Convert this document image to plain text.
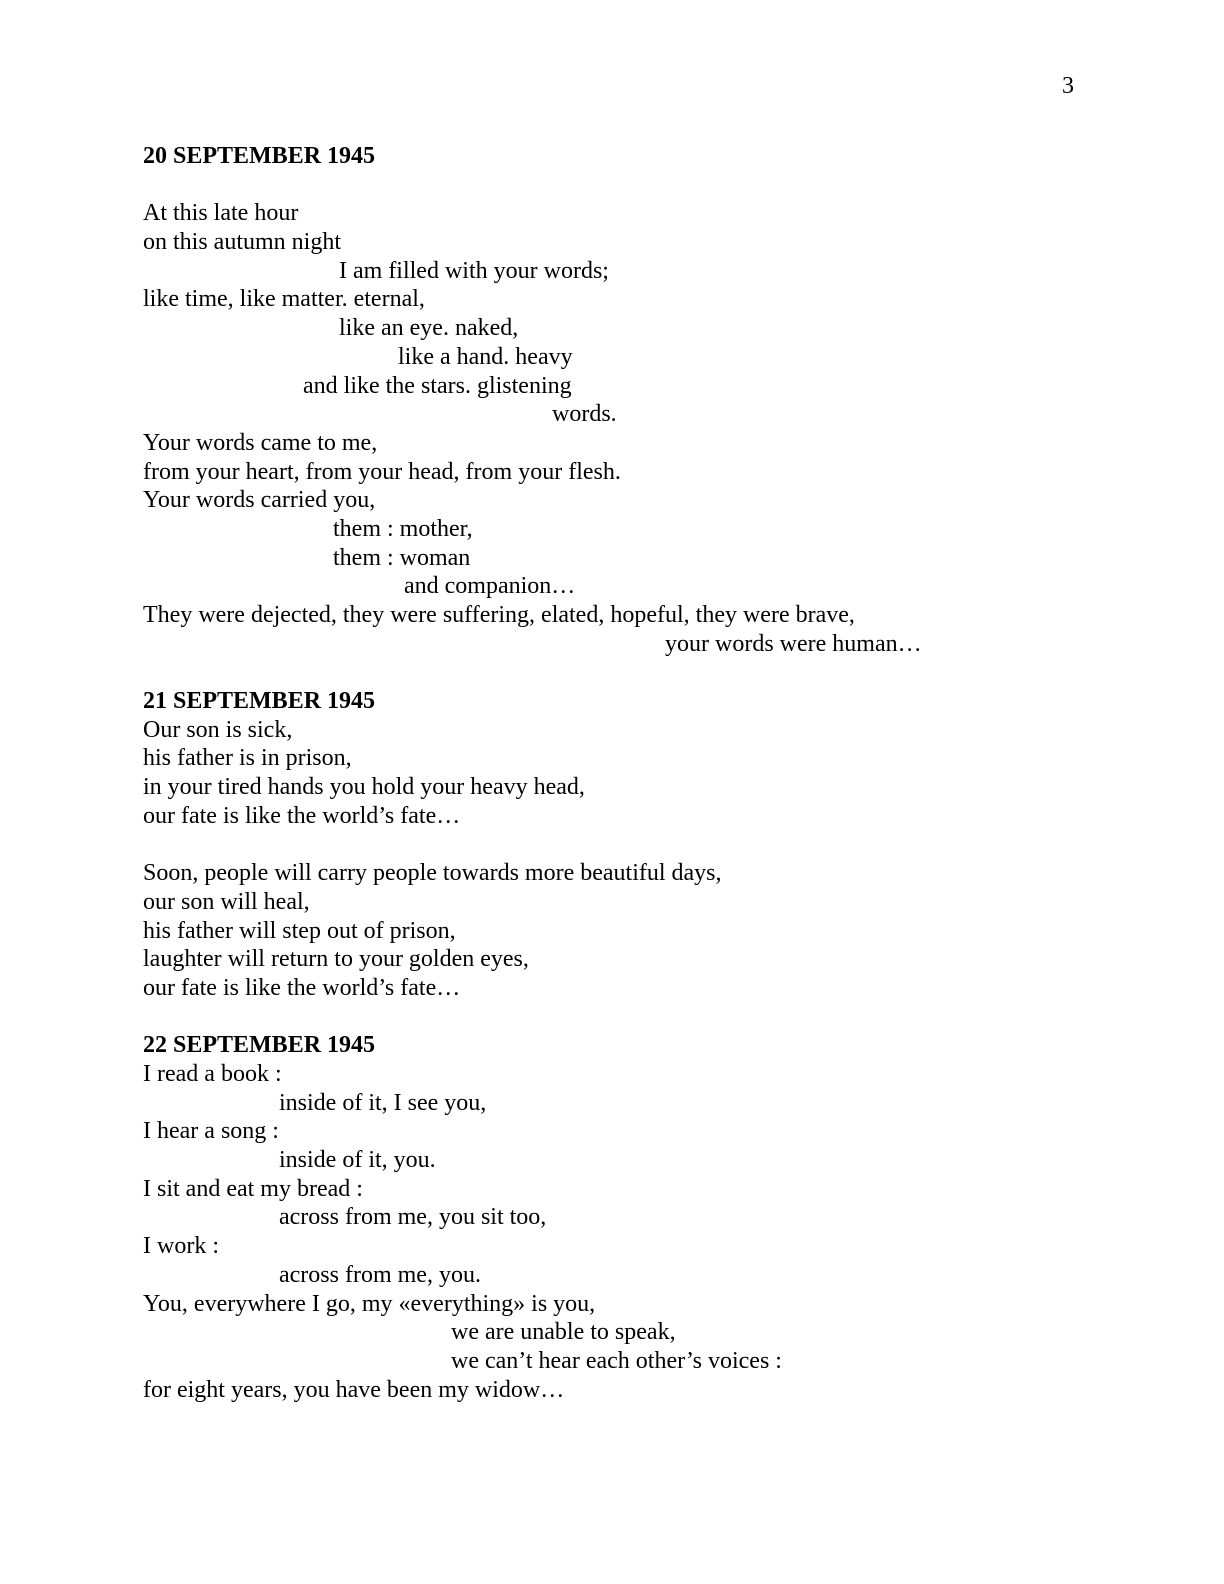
3
20 SEPTEMBER 1945
At this late hour
on this autumn night
I am filled with your words;
like time, like matter. eternal,
like an eye. naked,
like a hand. heavy
and like the stars. glistening
words.
Your words came to me,
from your heart, from your head, from your flesh.
Your words carried you,
them : mother,
them : woman
and companion…
They were dejected, they were suffering, elated, hopeful, they were brave,
your words were human…
21 SEPTEMBER 1945
Our son is sick,
his father is in prison,
in your tired hands you hold your heavy head,
our fate is like the world’s fate…
Soon, people will carry people towards more beautiful days,
our son will heal,
his father will step out of prison,
laughter will return to your golden eyes,
our fate is like the world’s fate…
22 SEPTEMBER 1945
I read a book :
inside of it, I see you,
I hear a song :
inside of it, you.
I sit and eat my bread :
across from me, you sit too,
I work :
across from me, you.
You, everywhere I go, my «everything» is you,
we are unable to speak,
we can’t hear each other’s voices :
for eight years, you have been my widow…
